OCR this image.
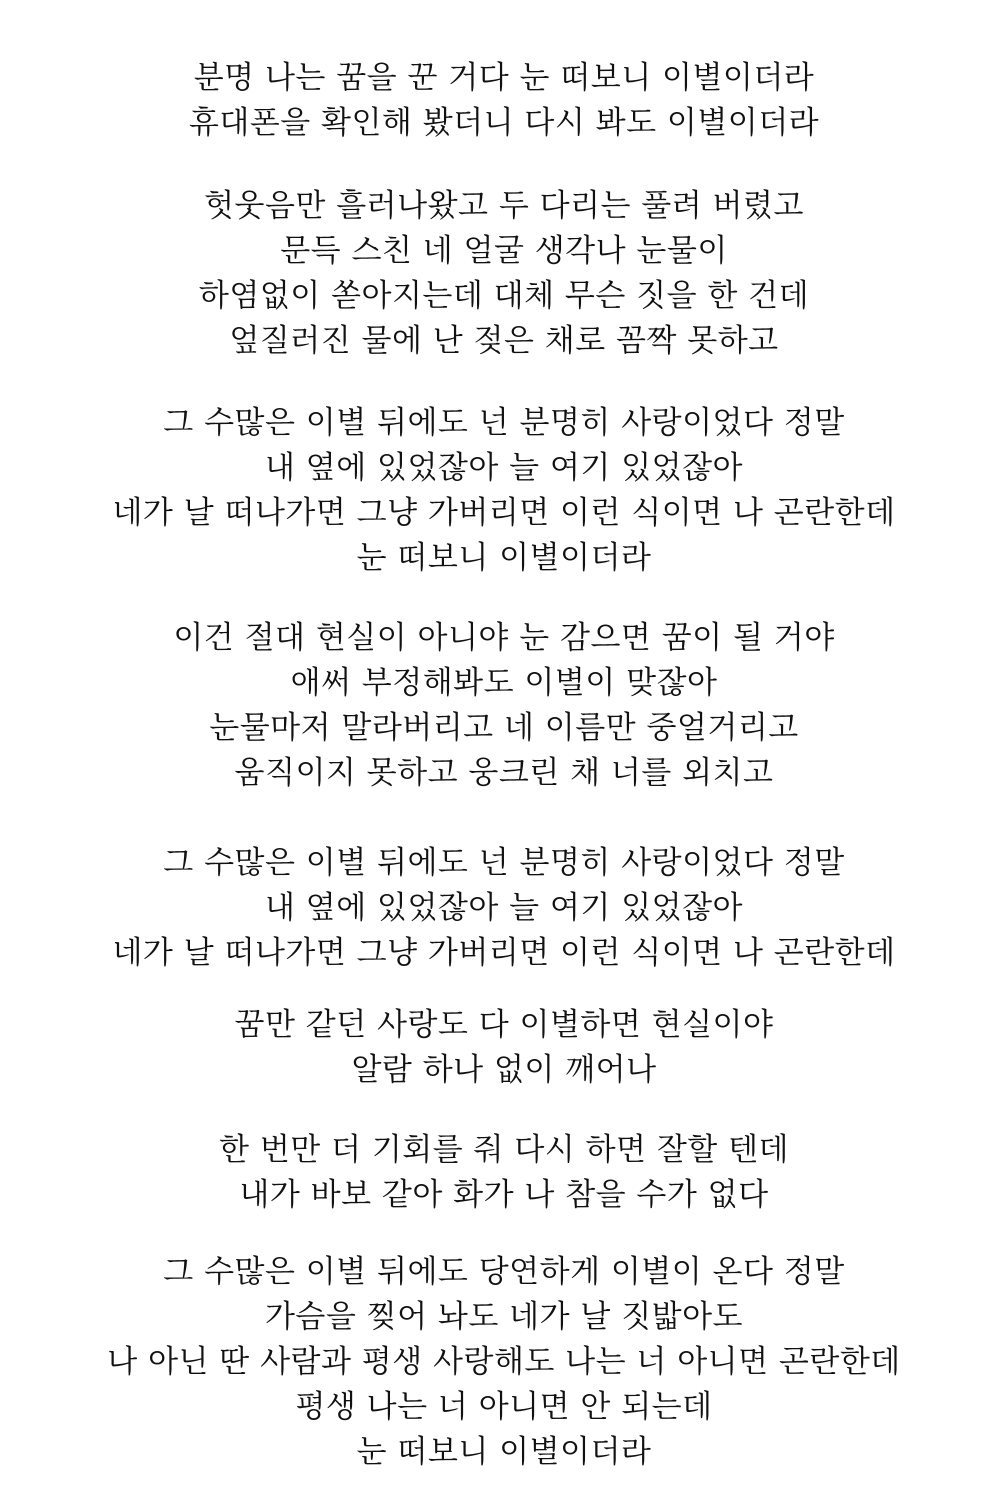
분명 나는 꿈을 꾼 거다 눈 떠보니 이별이더라
휴대폰을 확인해 봤더니 다시 봐도 이별이더라
헛웃음만 흘러나왔고 두 다리는 풀려 버렸고
문득 스친 네 얼굴 생각나 눈물이
하염없이 쏟아지는데 대체 무슨 짓을 한 건데
엎질러진 물에 난 젖은 채로 꼼짝 못하고
그 수많은 이별 뒤에도 넌 분명히 사랑이었다 정말
내 옆에 있었잖아 늘 여기 있었잖아
네가 날 떠나가면 그냥 가버리면 이런 식이면 나 곤란한데
눈 떠보니 이별이더라
이건 절대 현실이 아니야 눈 감으면 꿈이 될 거야
애써 부정해봐도 이별이 맞잖아
눈물마저 말라버리고 네 이름만 중얼거리고
움직이지 못하고 웅크린 채 너를 외치고
그 수많은 이별 뒤에도 넌 분명히 사랑이었다 정말
내 옆에 있었잖아 늘 여기 있었잖아
네가 날 떠나가면 그냥 가버리면 이런 식이면 나 곤란한데
꿈만 같던 사랑도 다 이별하면 현실이야
알람 하나 없이 깨어나
한 번만 더 기회를 줘 다시 하면 잘할 텐데
내가 바보 같아 화가 나 참을 수가 없다
그 수많은 이별 뒤에도 당연하게 이별이 온다 정말
가슴을 찢어 놔도 네가 날 짓밟아도
나 아닌 딴 사람과 평생 사랑해도 나는 너 아니면 곤란한데
평생 나는 너 아니면 안 되는데
눈 떠보니 이별이더라
